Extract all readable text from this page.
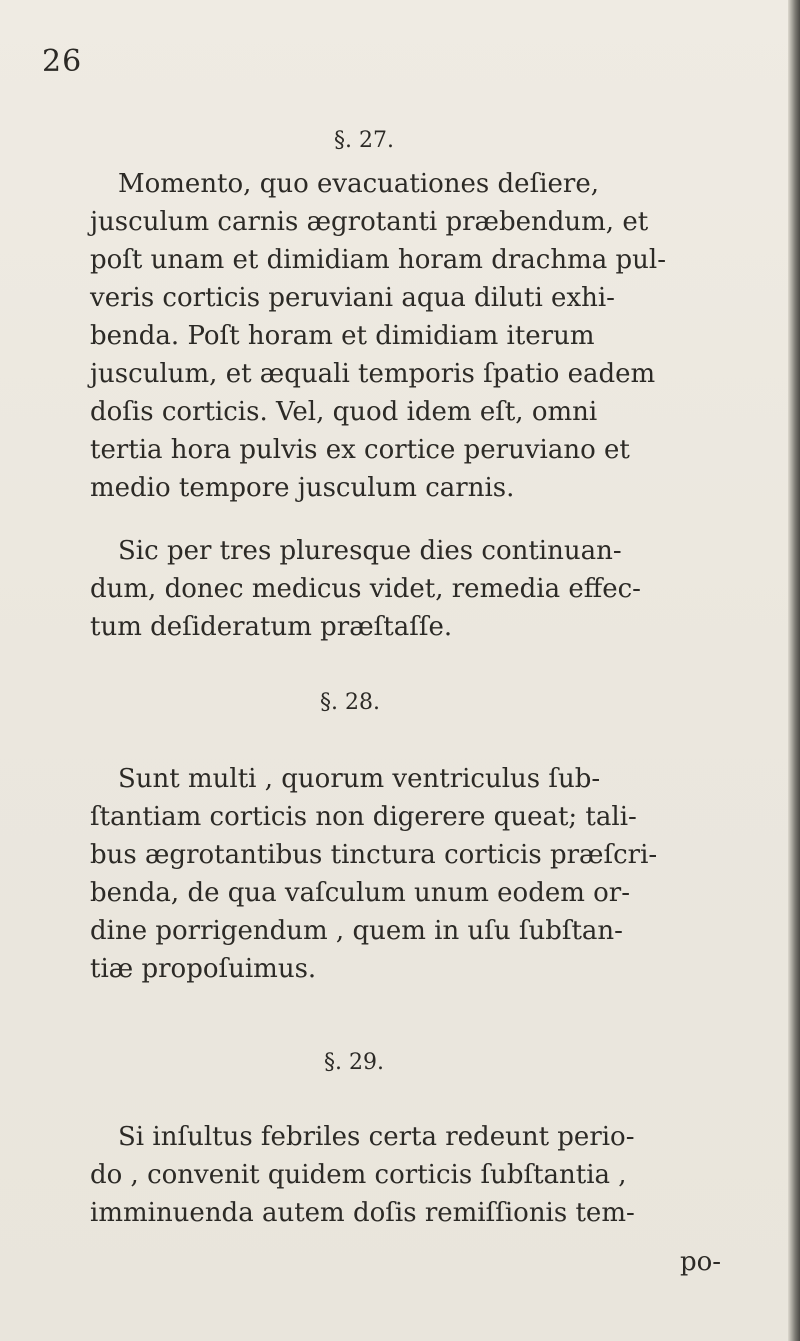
26
§. 27.
Momento, quo evacuationes deſiere,
jusculum carnis ægrotanti præbendum, et
poſt unam et dimidiam horam drachma pul-
veris corticis peruviani aqua diluti exhi-
benda. Poſt horam et dimidiam iterum
jusculum, et æquali temporis ſpatio eadem
doſis corticis. Vel, quod idem eſt, omni
tertia hora pulvis ex cortice peruviano et
medio tempore jusculum carnis.
Sic per tres pluresque dies continuan-
dum, donec medicus videt, remedia effec-
tum deſideratum præſtaſſe.
§. 28.
Sunt multi , quorum ventriculus ſub-
ſtantiam corticis non digerere queat; tali-
bus ægrotantibus tinctura corticis præſcri-
benda, de qua vaſculum unum eodem or-
dine porrigendum , quem in uſu ſubſtan-
tiæ propoſuimus.
§. 29.
Si inſultus febriles certa redeunt perio-
do , convenit quidem corticis ſubſtantia ,
imminuenda autem doſis remiſſionis tem-
po-
